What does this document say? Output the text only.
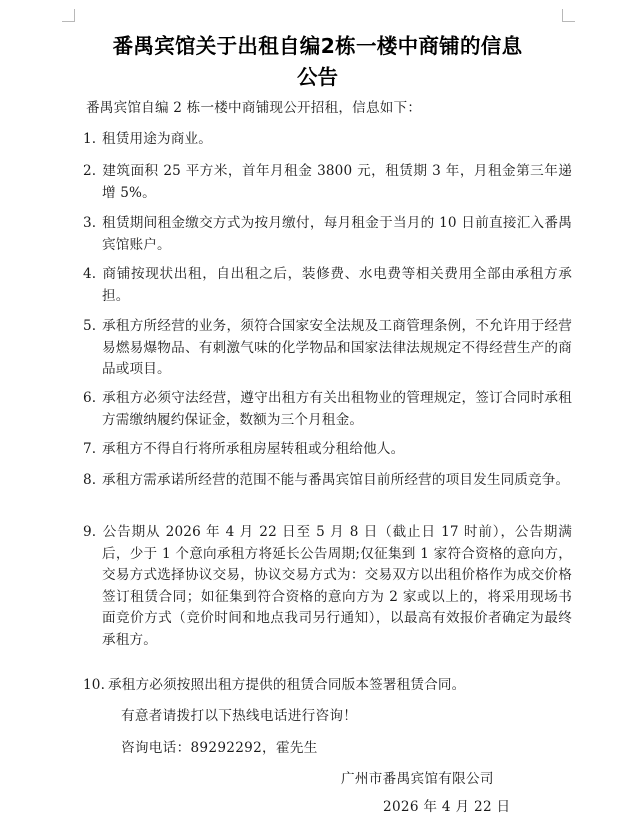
番禺宾馆关于出租自编2栋一楼中商铺的信息
公告
番禺宾馆自编 2 栋一楼中商铺现公开招租，信息如下：
1. 租赁用途为商业。
2. 建筑面积 25 平方米，首年月租金 3800 元，租赁期 3 年，月租金第三年递增 5%。
3. 租赁期间租金缴交方式为按月缴付，每月租金于当月的 10 日前直接汇入番禺宾馆账户。
4. 商铺按现状出租，自出租之后，装修费、水电费等相关费用全部由承租方承担。
5. 承租方所经营的业务，须符合国家安全法规及工商管理条例，不允许用于经营易燃易爆物品、有刺激气味的化学物品和国家法律法规规定不得经营生产的商品或项目。
6. 承租方必须守法经营，遵守出租方有关出租物业的管理规定，签订合同时承租方需缴纳履约保证金，数额为三个月租金。
7. 承租方不得自行将所承租房屋转租或分租给他人。
8. 承租方需承诺所经营的范围不能与番禺宾馆目前所经营的项目发生同质竞争。
9. 公告期从 2026 年 4 月 22 日至 5 月 8 日（截止日 17 时前），公告期满后，少于 1 个意向承租方将延长公告周期;仅征集到 1 家符合资格的意向方，交易方式选择协议交易，协议交易方式为：交易双方以出租价格作为成交价格签订租赁合同；如征集到符合资格的意向方为 2 家或以上的，将采用现场书面竞价方式（竞价时间和地点我司另行通知），以最高有效报价者确定为最终承租方。
10. 承租方必须按照出租方提供的租赁合同版本签署租赁合同。
有意者请拨打以下热线电话进行咨询！
咨询电话：89292292，霍先生
广州市番禺宾馆有限公司
2026 年 4 月 22 日
